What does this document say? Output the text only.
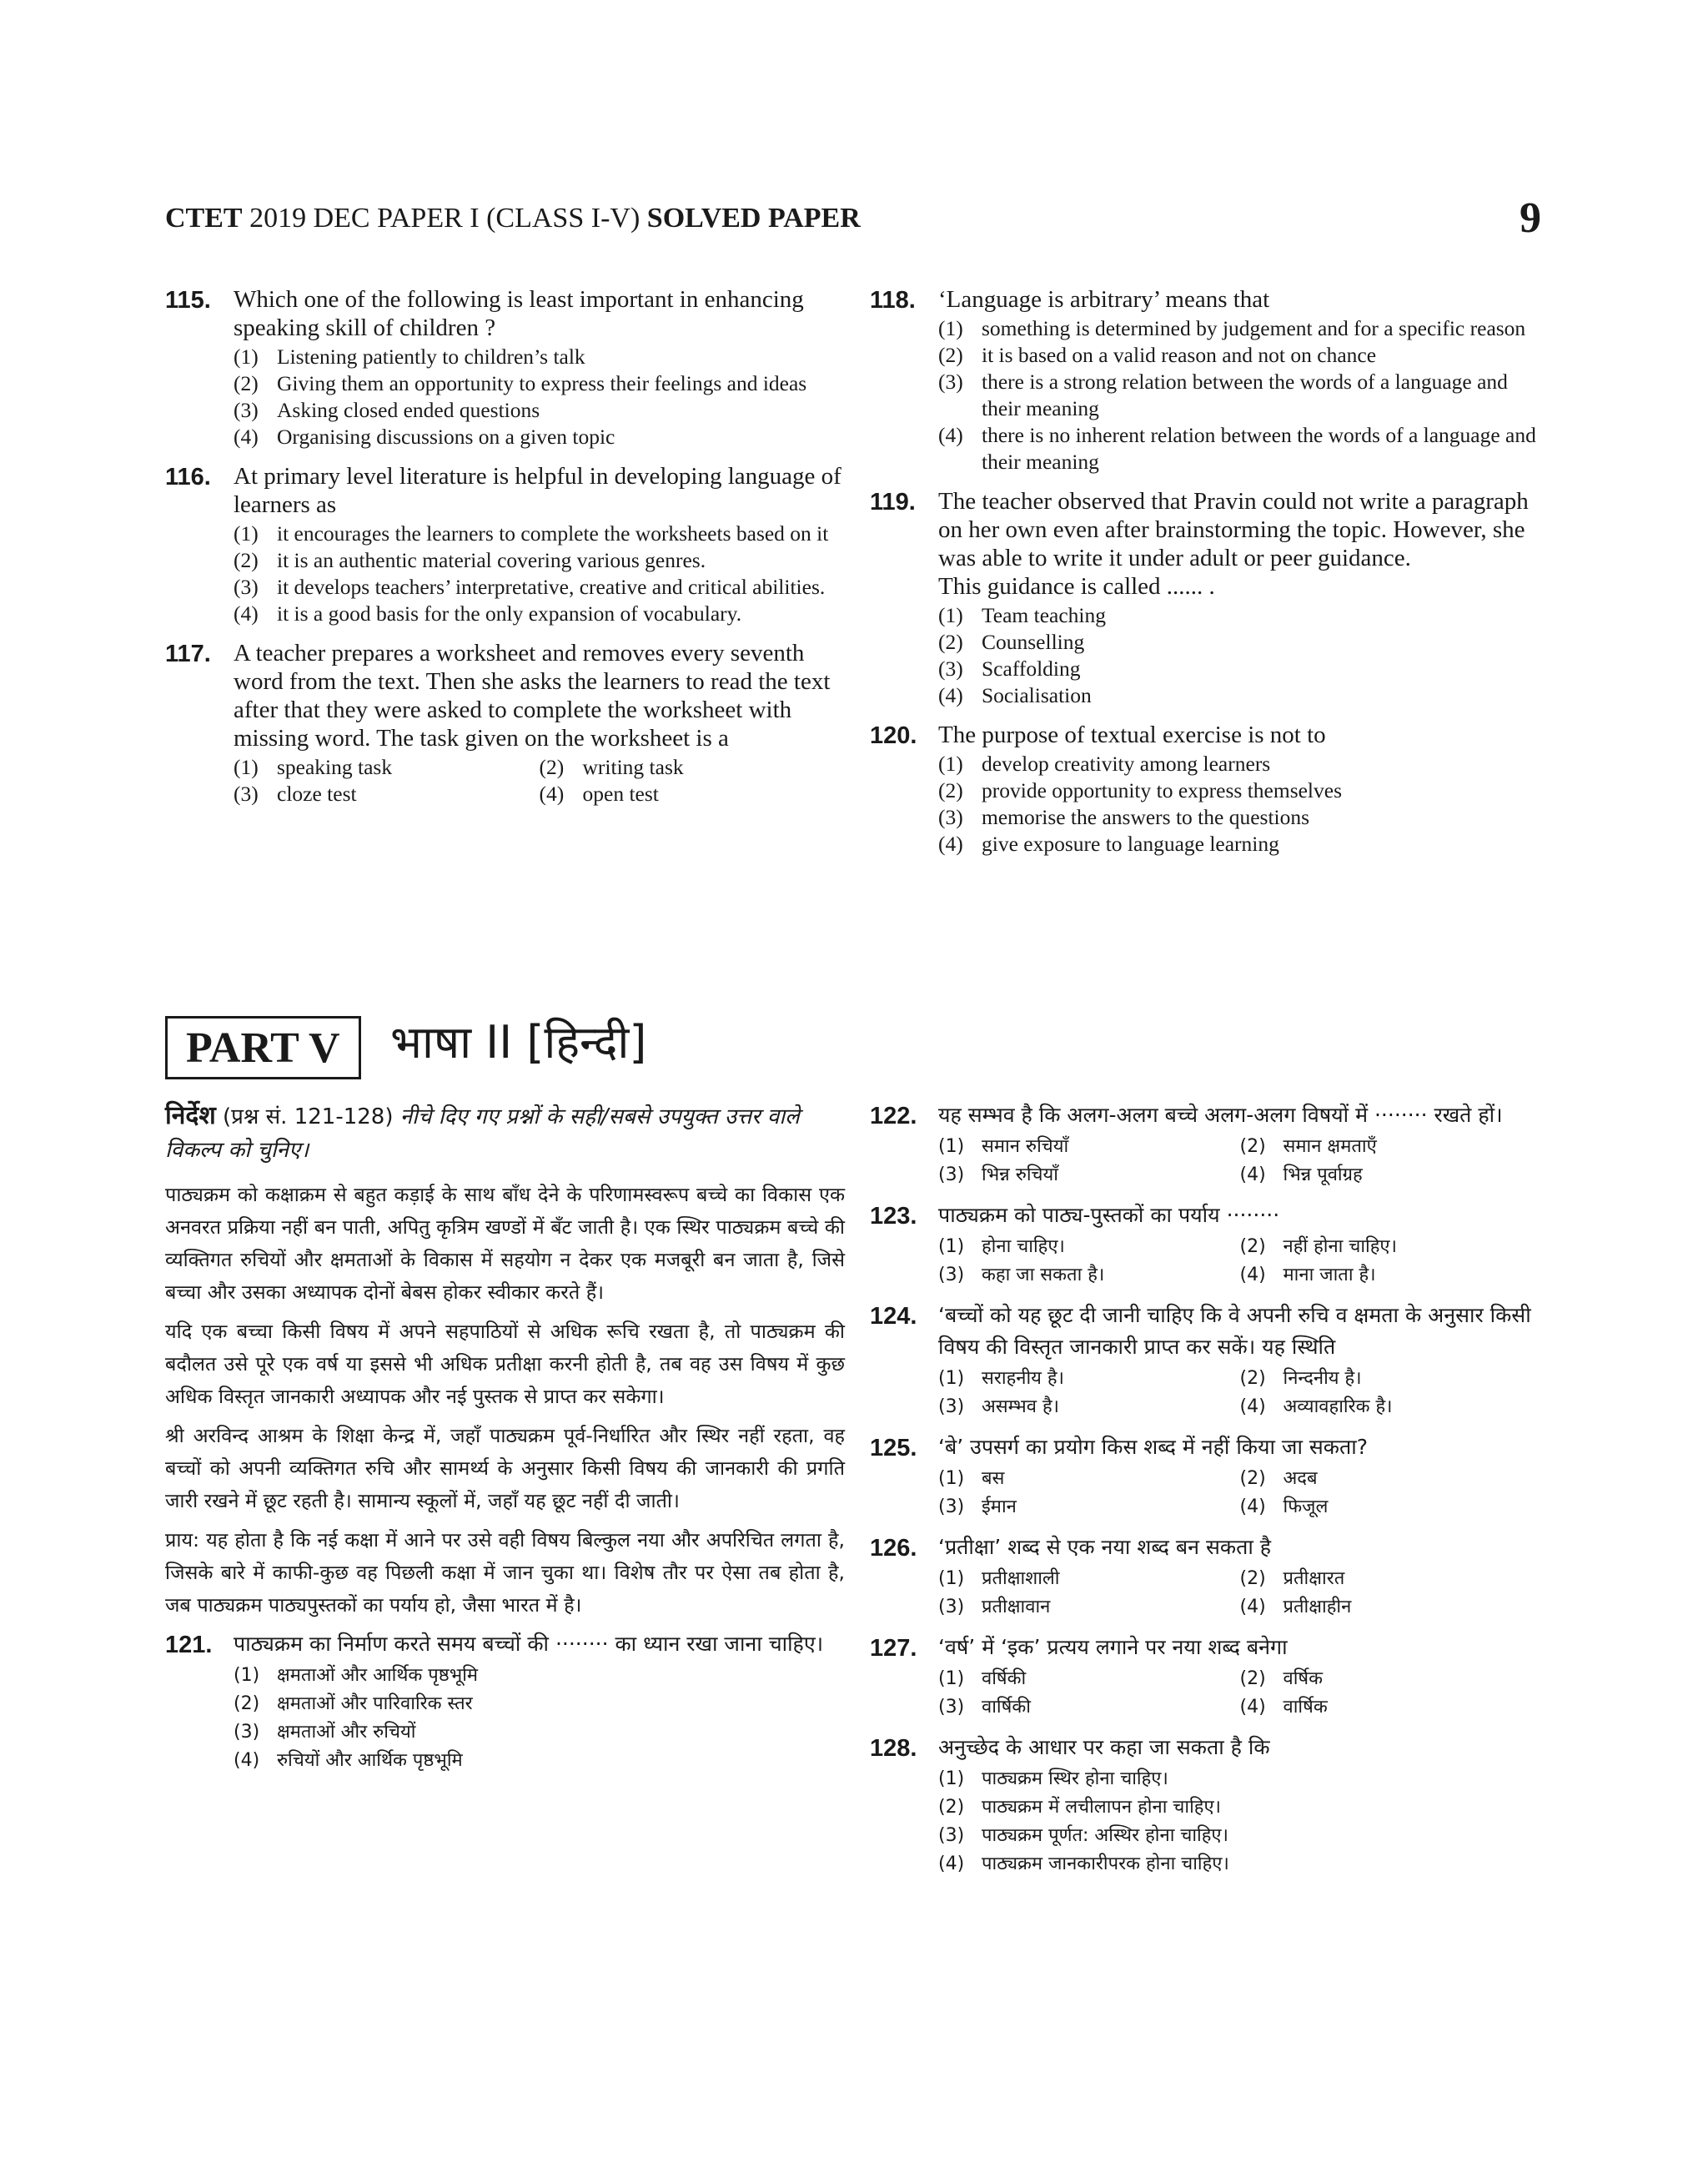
CTET 2019 DEC PAPER I (CLASS I-V) SOLVED PAPER	9
115. Which one of the following is least important in enhancing speaking skill of children ?
(1) Listening patiently to children’s talk
(2) Giving them an opportunity to express their feelings and ideas
(3) Asking closed ended questions
(4) Organising discussions on a given topic
116. At primary level literature is helpful in developing language of learners as
(1) it encourages the learners to complete the worksheets based on it
(2) it is an authentic material covering various genres.
(3) it develops teachers’ interpretative, creative and critical abilities.
(4) it is a good basis for the only expansion of vocabulary.
117. A teacher prepares a worksheet and removes every seventh word from the text. Then she asks the learners to read the text after that they were asked to complete the worksheet with missing word. The task given on the worksheet is a
(1) speaking task	(2) writing task
(3) cloze test	(4) open test
118. ‘Language is arbitrary’ means that
(1) something is determined by judgement and for a specific reason
(2) it is based on a valid reason and not on chance
(3) there is a strong relation between the words of a language and their meaning
(4) there is no inherent relation between the words of a language and their meaning
119. The teacher observed that Pravin could not write a paragraph on her own even after brainstorming the topic. However, she was able to write it under adult or peer guidance.
This guidance is called ...... .
(1) Team teaching
(2) Counselling
(3) Scaffolding
(4) Socialisation
120. The purpose of textual exercise is not to
(1) develop creativity among learners
(2) provide opportunity to express themselves
(3) memorise the answers to the questions
(4) give exposure to language learning
PART V	भाषा II [हिन्दी]
निर्देश (प्रश्न सं. 121-128) नीचे दिए गए प्रश्नों के सही/सबसे उपयुक्त उत्तर वाले विकल्प को चुनिए।
पाठ्यक्रम को कक्षाक्रम से बहुत कड़ाई के साथ बाँध देने के परिणामस्वरूप बच्चे का विकास एक अनवरत प्रक्रिया नहीं बन पाती, अपितु कृत्रिम खण्डों में बँट जाती है। एक स्थिर पाठ्यक्रम बच्चे की व्यक्तिगत रुचियों और क्षमताओं के विकास में सहयोग न देकर एक मजबूरी बन जाता है, जिसे बच्चा और उसका अध्यापक दोनों बेबस होकर स्वीकार करते हैं।
यदि एक बच्चा किसी विषय में अपने सहपाठियों से अधिक रूचि रखता है, तो पाठ्यक्रम की बदौलत उसे पूरे एक वर्ष या इससे भी अधिक प्रतीक्षा करनी होती है, तब वह उस विषय में कुछ अधिक विस्तृत जानकारी अध्यापक और नई पुस्तक से प्राप्त कर सकेगा।
श्री अरविन्द आश्रम के शिक्षा केन्द्र में, जहाँ पाठ्यक्रम पूर्व-निर्धारित और स्थिर नहीं रहता, वह बच्चों को अपनी व्यक्तिगत रुचि और सामर्थ्य के अनुसार किसी विषय की जानकारी की प्रगति जारी रखने में छूट रहती है। सामान्य स्कूलों में, जहाँ यह छूट नहीं दी जाती।
प्राय: यह होता है कि नई कक्षा में आने पर उसे वही विषय बिल्कुल नया और अपरिचित लगता है, जिसके बारे में काफी-कुछ वह पिछली कक्षा में जान चुका था। विशेष तौर पर ऐसा तब होता है, जब पाठ्यक्रम पाठ्यपुस्तकों का पर्याय हो, जैसा भारत में है।
121. पाठ्यक्रम का निर्माण करते समय बच्चों की ········ का ध्यान रखा जाना चाहिए।
(1) क्षमताओं और आर्थिक पृष्ठभूमि
(2) क्षमताओं और पारिवारिक स्तर
(3) क्षमताओं और रुचियों
(4) रुचियों और आर्थिक पृष्ठभूमि
122. यह सम्भव है कि अलग-अलग बच्चे अलग-अलग विषयों में ········ रखते हों।
(1) समान रुचियाँ	(2) समान क्षमताएँ
(3) भिन्न रुचियाँ	(4) भिन्न पूर्वाग्रह
123. पाठ्यक्रम को पाठ्य-पुस्तकों का पर्याय ········
(1) होना चाहिए।	(2) नहीं होना चाहिए।
(3) कहा जा सकता है।	(4) माना जाता है।
124. ‘बच्चों को यह छूट दी जानी चाहिए कि वे अपनी रुचि व क्षमता के अनुसार किसी विषय की विस्तृत जानकारी प्राप्त कर सकें। यह स्थिति
(1) सराहनीय है।	(2) निन्दनीय है।
(3) असम्भव है।	(4) अव्यावहारिक है।
125. ‘बे’ उपसर्ग का प्रयोग किस शब्द में नहीं किया जा सकता?
(1) बस	(2) अदब
(3) ईमान	(4) फिजूल
126. ‘प्रतीक्षा’ शब्द से एक नया शब्द बन सकता है
(1) प्रतीक्षाशाली	(2) प्रतीक्षारत
(3) प्रतीक्षावान	(4) प्रतीक्षाहीन
127. ‘वर्ष’ में ‘इक’ प्रत्यय लगाने पर नया शब्द बनेगा
(1) वर्षिकी	(2) वर्षिक
(3) वार्षिकी	(4) वार्षिक
128. अनुच्छेद के आधार पर कहा जा सकता है कि
(1) पाठ्यक्रम स्थिर होना चाहिए।
(2) पाठ्यक्रम में लचीलापन होना चाहिए।
(3) पाठ्यक्रम पूर्णत: अस्थिर होना चाहिए।
(4) पाठ्यक्रम जानकारीपरक होना चाहिए।
